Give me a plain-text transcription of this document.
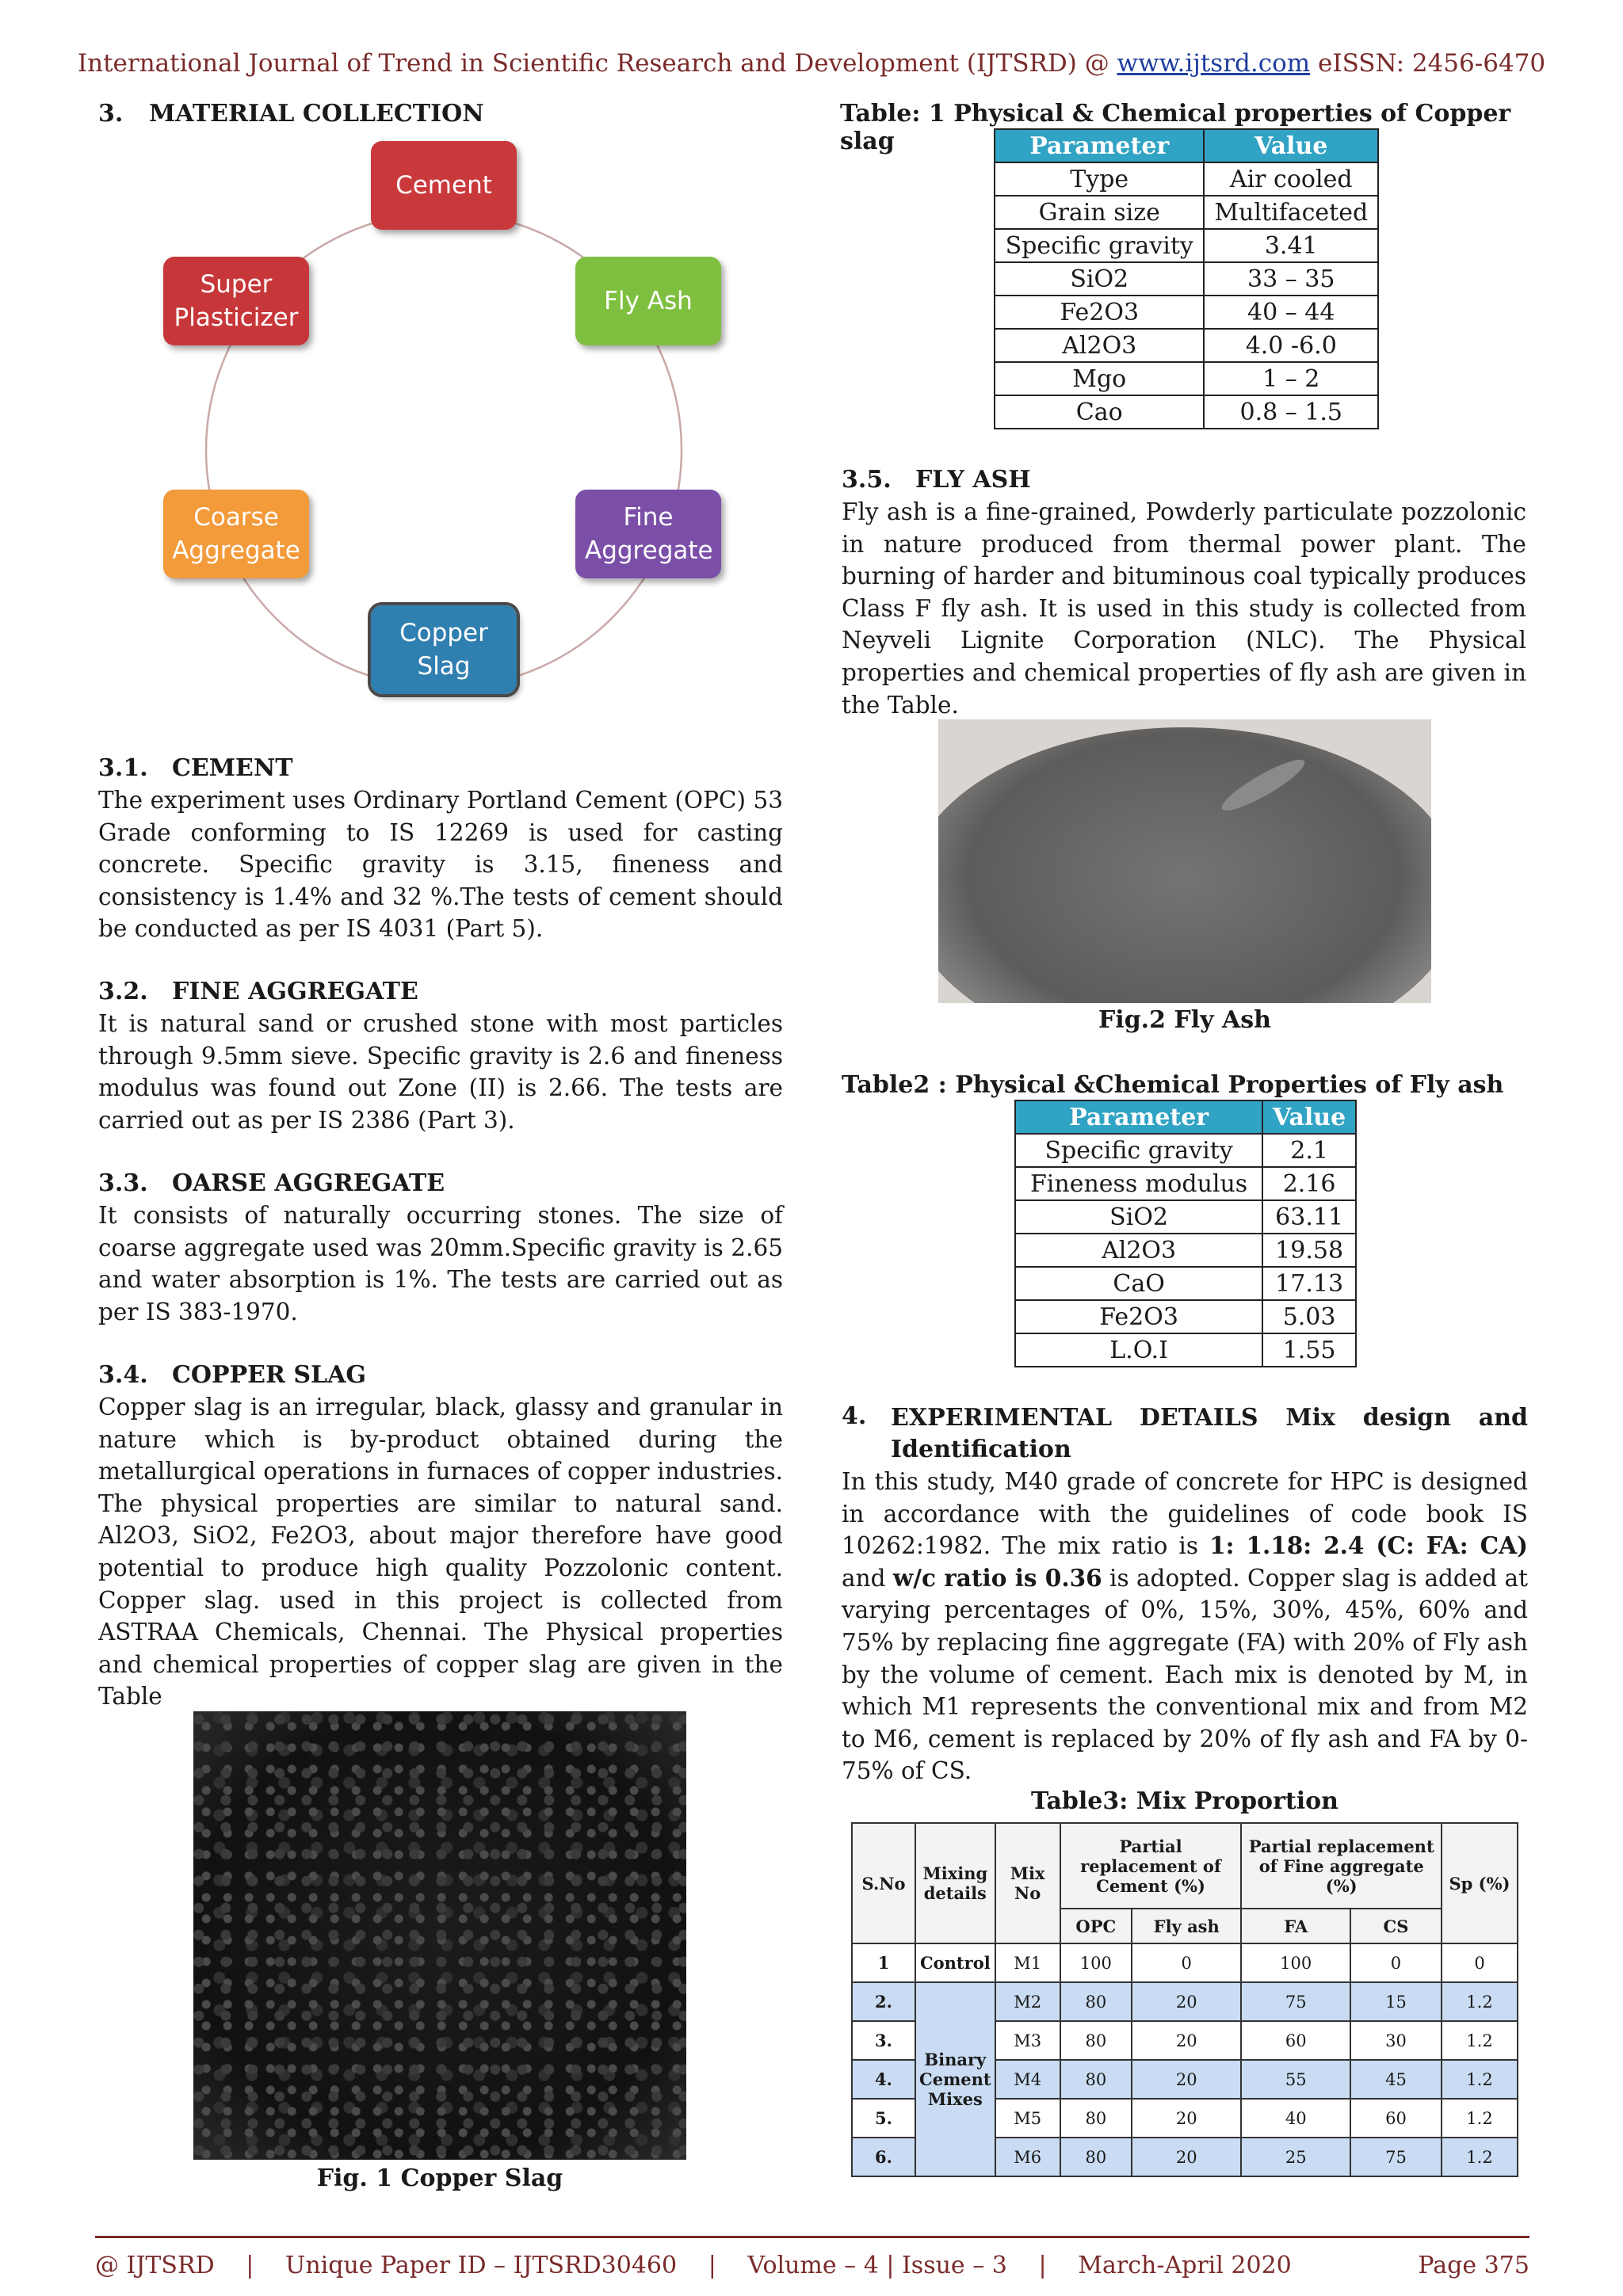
International Journal of Trend in Scientific Research and Development (IJTSRD) @ www.ijtsrd.com eISSN: 2456-6470
3. MATERIAL COLLECTION
Cement
Fly Ash
Fine Aggregate
Copper Slag
Coarse Aggregate
Super Plasticizer
3.1. CEMENT
The experiment uses Ordinary Portland Cement (OPC) 53 Grade conforming to IS 12269 is used for casting concrete. Specific gravity is 3.15, fineness and consistency is 1.4% and 32 %.The tests of cement should be conducted as per IS 4031 (Part 5).
3.2. FINE AGGREGATE
It is natural sand or crushed stone with most particles through 9.5mm sieve. Specific gravity is 2.6 and fineness modulus was found out Zone (II) is 2.66. The tests are carried out as per IS 2386 (Part 3).
3.3. OARSE AGGREGATE
It consists of naturally occurring stones. The size of coarse aggregate used was 20mm.Specific gravity is 2.65 and water absorption is 1%. The tests are carried out as per IS 383-1970.
3.4. COPPER SLAG
Copper slag is an irregular, black, glassy and granular in nature which is by-product obtained during the metallurgical operations in furnaces of copper industries. The physical properties are similar to natural sand. Al2O3, SiO2, Fe2O3, about major therefore have good potential to produce high quality Pozzolonic content. Copper slag. used in this project is collected from ASTRAA Chemicals, Chennai. The Physical properties and chemical properties of copper slag are given in the Table
Fig. 1 Copper Slag
Table: 1 Physical & Chemical properties of Copper slag	Parameter	Value
Type	Air cooled
Grain size	Multifaceted
Specific gravity	3.41
SiO2	33 – 35
Fe2O3	40 – 44
Al2O3	4.0 -6.0
Mgo	1 – 2
Cao	0.8 – 1.5
3.5. FLY ASH
Fly ash is a fine-grained, Powderly particulate pozzolonic in nature produced from thermal power plant. The burning of harder and bituminous coal typically produces Class F fly ash. It is used in this study is collected from Neyveli Lignite Corporation (NLC). The Physical properties and chemical properties of fly ash are given in the Table.
Fig.2 Fly Ash
Table2 : Physical &Chemical Properties of Fly ash
Parameter	Value
Specific gravity	2.1
Fineness modulus	2.16
SiO2	63.11
Al2O3	19.58
CaO	17.13
Fe2O3	5.03
L.O.I	1.55
4.	EXPERIMENTAL DETAILS Mix design and Identification
In this study, M40 grade of concrete for HPC is designed in accordance with the guidelines of code book IS 10262:1982. The mix ratio is 1: 1.18: 2.4 (C: FA: CA) and w/c ratio is 0.36 is adopted. Copper slag is added at varying percentages of 0%, 15%, 30%, 45%, 60% and 75% by replacing fine aggregate (FA) with 20% of Fly ash by the volume of cement. Each mix is denoted by M, in which M1 represents the conventional mix and from M2 to M6, cement is replaced by 20% of fly ash and FA by 0-75% of CS.
Table3: Mix Proportion
S.No	Mixing details	Mix No	Partial replacement of Cement (%)		Partial replacement of Fine aggregate (%)		Sp (%)
			OPC	Fly ash	FA	CS	
1	Control	M1	100	0	100	0	0
2.	Binary Cement Mixes	M2	80	20	75	15	1.2
3.		M3	80	20	60	30	1.2
4.		M4	80	20	55	45	1.2
5.		M5	80	20	40	60	1.2
6.		M6	80	20	25	75	1.2
@ IJTSRD | Unique Paper ID – IJTSRD30460 | Volume – 4 | Issue – 3 | March-April 2020	Page 375
